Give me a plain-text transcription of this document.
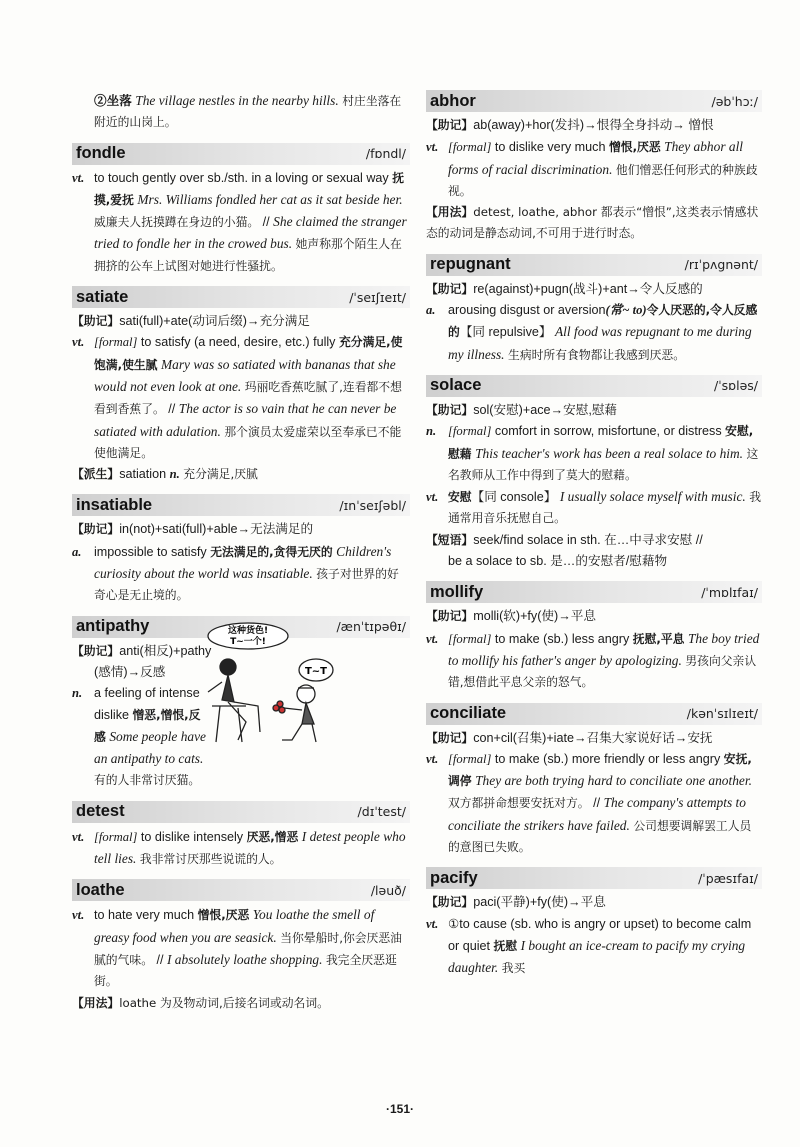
②坐落 The village nestles in the nearby hills. 村庄坐落在附近的山岗上。

fondle	/fɒndl/

vt. to touch gently over sb./sth. in a loving or sexual way 抚摸,爱抚 Mrs. Williams fondled her cat as it sat beside her. 威廉夫人抚摸蹲在身边的小猫。 // She claimed the stranger tried to fondle her in the crowed bus. 她声称那个陌生人在拥挤的公车上试图对她进行性骚扰。

satiate	/ˈseɪʃɪeɪt/

【助记】sati(full)+ate(动词后缀)→充分满足

vt. [formal] to satisfy (a need, desire, etc.) fully 充分满足,使饱满,使生腻 Mary was so satiated with bananas that she would not even look at one. 玛丽吃香蕉吃腻了,连看都不想看到香蕉了。 // The actor is so vain that he can never be satiated with adulation. 那个演员太爱虚荣以至奉承已不能使他满足。

【派生】satiation n. 充分满足,厌腻

insatiable	/ɪnˈseɪʃəbl/

【助记】in(not)+sati(full)+able→无法满足的

a. impossible to satisfy 无法满足的,贪得无厌的 Children's curiosity about the world was insatiable. 孩子对世界的好奇心是无止境的。

antipathy	/ænˈtɪpəθɪ/

【助记】anti(相反)+pathy

(感情)→反感

n. a feeling of intense

dislike 憎恶,憎恨,反

感 Some people have

an antipathy to cats.

有的人非常讨厌猫。

detest	/dɪˈtest/

vt. [formal] to dislike intensely 厌恶,憎恶 I detest people who tell lies. 我非常讨厌那些说谎的人。

loathe	/ləuð/

vt. to hate very much 憎恨,厌恶 You loathe the smell of greasy food when you are seasick. 当你晕船时,你会厌恶油腻的气味。 // I absolutely loathe shopping. 我完全厌恶逛街。

【用法】loathe 为及物动词,后接名词或动名词。

这种货色!
T~一个!
T~T
abhor	/əbˈhɔː/

【助记】ab(away)+hor(发抖)→恨得全身抖动→ 憎恨

vt. [formal] to dislike very much 憎恨,厌恶 They abhor all forms of racial discrimination. 他们憎恶任何形式的种族歧视。

【用法】detest, loathe, abhor 都表示“憎恨”,这类表示情感状态的动词是静态动词,不可用于进行时态。

repugnant	/rɪˈpʌgnənt/

【助记】re(against)+pugn(战斗)+ant→令人反感的

a. arousing disgust or aversion(常~ to)令人厌恶的,令人反感的【同 repulsive】 All food was repugnant to me during my illness. 生病时所有食物都让我感到厌恶。

solace	/ˈsɒləs/

【助记】sol(安慰)+ace→安慰,慰藉

n. [formal] comfort in sorrow, misfortune, or distress 安慰,慰藉 This teacher's work has been a real solace to him. 这名教师从工作中得到了莫大的慰藉。

vt. 安慰【同 console】 I usually solace myself with music. 我通常用音乐抚慰自己。

【短语】seek/find solace in sth. 在…中寻求安慰 //

be a solace to sb. 是…的安慰者/慰藉物

mollify	/ˈmɒlɪfaɪ/

【助记】molli(软)+fy(使)→平息

vt. [formal] to make (sb.) less angry 抚慰,平息 The boy tried to mollify his father's anger by apologizing. 男孩向父亲认错,想借此平息父亲的怒气。

conciliate	/kənˈsɪlɪeɪt/

【助记】con+cil(召集)+iate→召集大家说好话→安抚

vt. [formal] to make (sb.) more friendly or less angry 安抚,调停 They are both trying hard to conciliate one another. 双方都拼命想要安抚对方。 // The company's attempts to conciliate the strikers have failed. 公司想要调解罢工人员的意图已失败。

pacify	/ˈpæsɪfaɪ/

【助记】paci(平静)+fy(使)→平息

vt. ①to cause (sb. who is angry or upset) to become calm or quiet 抚慰 I bought an ice-cream to pacify my crying daughter. 我买

·151·
